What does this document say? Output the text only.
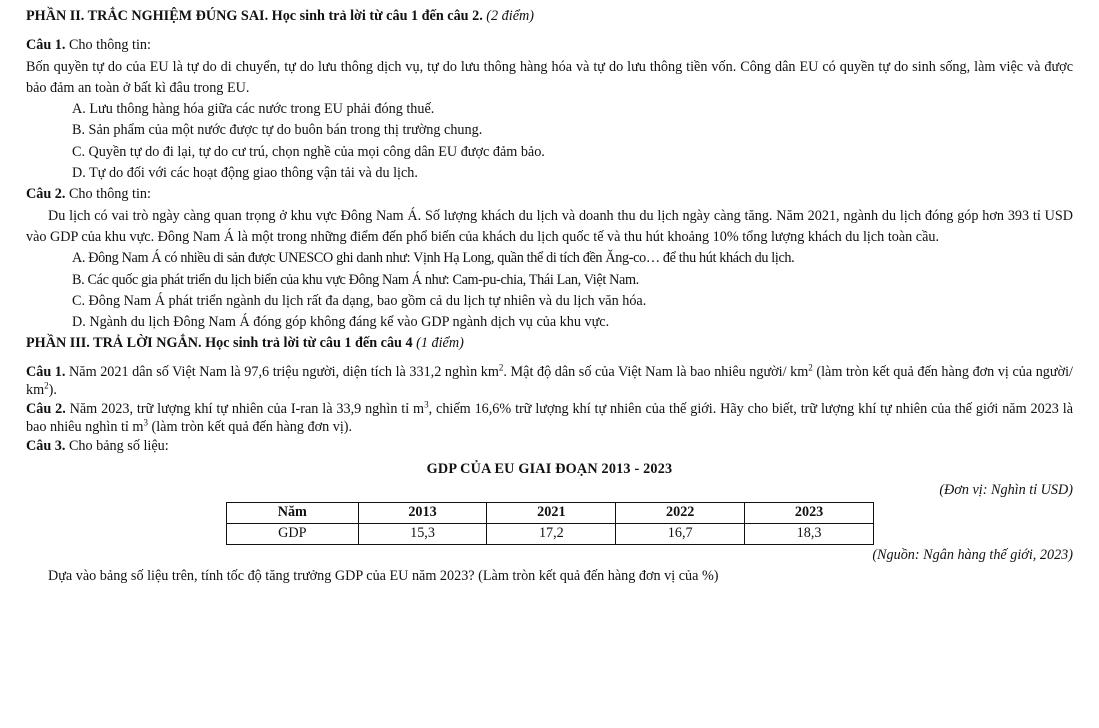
PHẦN II. TRẮC NGHIỆM ĐÚNG SAI. Học sinh trả lời từ câu 1 đến câu 2. (2 điểm)

Câu 1. Cho thông tin:
Bốn quyền tự do của EU là tự do di chuyển, tự do lưu thông dịch vụ, tự do lưu thông hàng hóa và tự do lưu thông tiền vốn. Công dân EU có quyền tự do sinh sống, làm việc và được bảo đảm an toàn ở bất kì đâu trong EU.
A. Lưu thông hàng hóa giữa các nước trong EU phải đóng thuế.
B. Sản phẩm của một nước được tự do buôn bán trong thị trường chung.
C. Quyền tự do đi lại, tự do cư trú, chọn nghề của mọi công dân EU được đảm bảo.
D. Tự do đối với các hoạt động giao thông vận tải và du lịch.
Câu 2. Cho thông tin:
Du lịch có vai trò ngày càng quan trọng ở khu vực Đông Nam Á. Số lượng khách du lịch và doanh thu du lịch ngày càng tăng. Năm 2021, ngành du lịch đóng góp hơn 393 tỉ USD vào GDP của khu vực. Đông Nam Á là một trong những điểm đến phổ biến của khách du lịch quốc tế và thu hút khoảng 10% tổng lượng khách du lịch toàn cầu.
A. Đông Nam Á có nhiều di sản được UNESCO ghi danh như: Vịnh Hạ Long, quần thể di tích đền Ăng-co… để thu hút khách du lịch.
B. Các quốc gia phát triển du lịch biển của khu vực Đông Nam Á như: Cam-pu-chia, Thái Lan, Việt Nam.
C. Đông Nam Á phát triển ngành du lịch rất đa dạng, bao gồm cả du lịch tự nhiên và du lịch văn hóa.
D. Ngành du lịch Đông Nam Á đóng góp không đáng kể vào GDP ngành dịch vụ của khu vực.

PHẦN III. TRẢ LỜI NGẮN. Học sinh trả lời từ câu 1 đến câu 4 (1 điểm)

Câu 1. Năm 2021 dân số Việt Nam là 97,6 triệu người, diện tích là 331,2 nghìn $km^2$. Mật độ dân số của Việt Nam là bao nhiêu người/ $km^2$ (làm tròn kết quả đến hàng đơn vị của người/ $km^2$).

Câu 2. Năm 2023, trữ lượng khí tự nhiên của I-ran là 33,9 nghìn tỉ $m^3$, chiếm 16,6% trữ lượng khí tự nhiên của thế giới. Hãy cho biết, trữ lượng khí tự nhiên của thế giới năm 2023 là bao nhiêu nghìn tỉ $m^3$ (làm tròn kết quả đến hàng đơn vị).

Câu 3. Cho bảng số liệu:
GDP CỦA EU GIAI ĐOẠN 2013 - 2023
(Đơn vị: Nghìn tỉ USD)
Năm	2013	2021	2022	2023
GDP	15,3	17,2	16,7	18,3
(Nguồn: Ngân hàng thế giới, 2023)
Dựa vào bảng số liệu trên, tính tốc độ tăng trưởng GDP của EU năm 2023? (Làm tròn kết quả đến hàng đơn vị của %)
